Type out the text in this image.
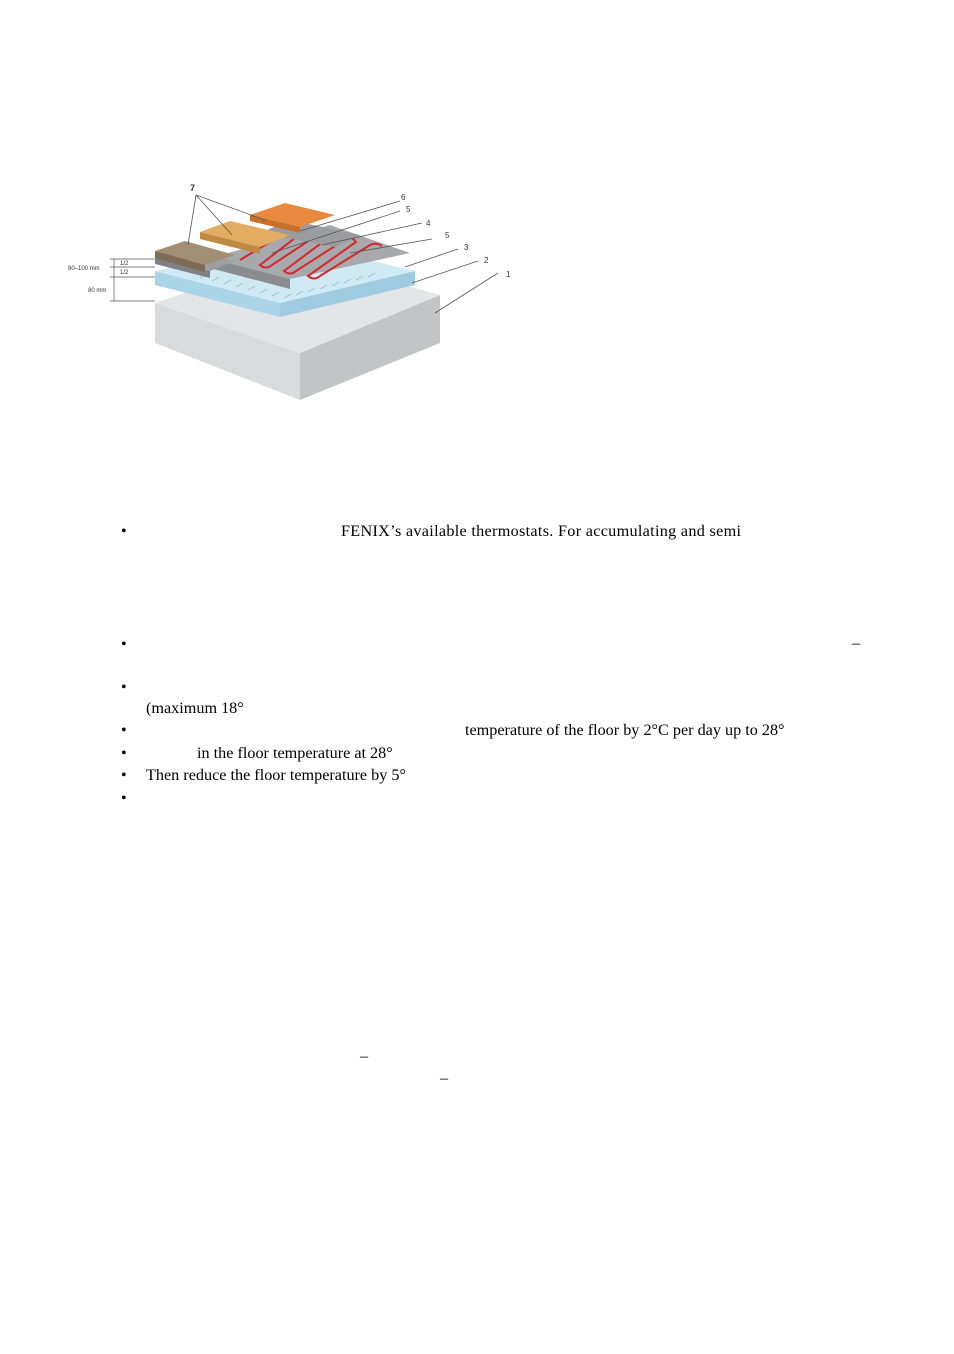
7
6
5
4
5
3
2
1
80–100 mm
1/2
1/2
80 mm
•	FENIX’s available thermostats. For accumulating and semi
•	–
•
(maximum 18°
•	temperature of the floor by 2°C per day up to 28°
•	in the floor temperature at 28°
• Then reduce the floor temperature by 5°
•
–
–
